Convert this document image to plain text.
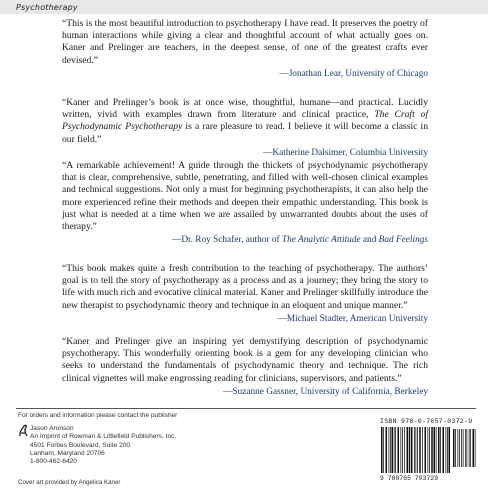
Psychotherapy

“This is the most beautiful introduction to psychotherapy I have read. It preserves the poetry of human interactions while giving a clear and thoughtful account of what actually goes on. Kaner and Prelinger are teachers, in the deepest sense, of one of the greatest crafts ever devised.”

—Jonathan Lear, University of Chicago

“Kaner and Prelinger’s book is at once wise, thoughtful, humane—and practical. Lucidly written, vivid with examples drawn from literature and clinical practice, The Craft of Psychodynamic Psychotherapy is a rare pleasure to read. I believe it will become a classic in our field.”

—Katherine Dalsimer, Columbia University

“A remarkable achievement! A guide through the thickets of psychodynamic psychotherapy that is clear, comprehensive, subtle, penetrating, and filled with well-chosen clinical examples and technical suggestions. Not only a must for beginning psychotherapists, it can also help the more experienced refine their methods and deepen their empathic understanding. This book is just what is needed at a time when we are assailed by unwarranted doubts about the uses of therapy.”

—Dr. Roy Schafer, author of The Analytic Attitude and Bad Feelings

“This book makes quite a fresh contribution to the teaching of psychotherapy. The authors’ goal is to tell the story of psychotherapy as a process and as a journey; they bring the story to life with much rich and evocative clinical material. Kaner and Prelinger skillfully introduce the new therapist to psychodynamic theory and technique in an eloquent and unique manner.”

—Michael Stadter, American University

“Kaner and Prelinger give an inspiring yet demystifying description of psychodynamic psychotherapy. This wonderfully orienting book is a gem for any developing clinician who seeks to understand the fundamentals of psychodynamic theory and technique. The rich clinical vignettes will make engrossing reading for clinicians, supervisors, and patients.”

—Suzanne Gassner, University of California, Berkeley

For orders and information please contact the publisher
Jason Aronson
An Imprint of Rowman & Littlefield Publishers, Inc.
4501 Forbes Boulevard, Suite 200
Lanham, Maryland 20706
1-800-462-6420
Cover art provided by Angelica Kaner
ISBN 978-0-7657-0372-9
9 780765 703729
